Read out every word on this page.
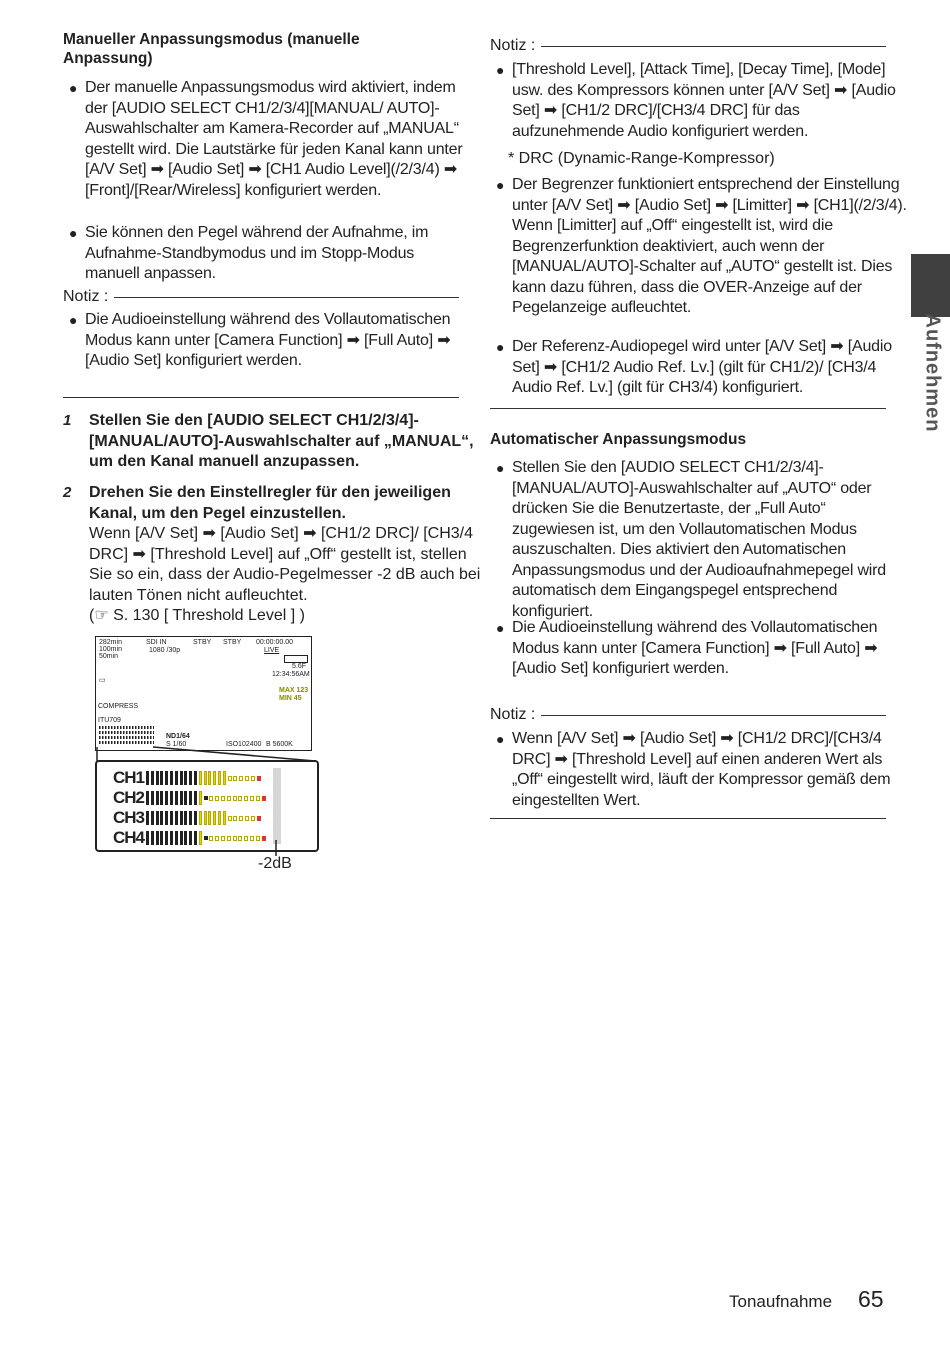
Manueller Anpassungsmodus (manuelle Anpassung)
● Der manuelle Anpassungsmodus wird aktiviert, indem der [AUDIO SELECT CH1/2/3/4][MANUAL/ AUTO]-Auswahlschalter am Kamera-Recorder auf „MANUAL“ gestellt wird. Die Lautstärke für jeden Kanal kann unter [A/V Set] ➡ [Audio Set] ➡ [CH1 Audio Level](/2/3/4) ➡ [Front]/[Rear/Wireless] konfiguriert werden.
● Sie können den Pegel während der Aufnahme, im Aufnahme-Standbymodus und im Stopp-Modus manuell anpassen.
Notiz :
● Die Audioeinstellung während des Vollautomatischen Modus kann unter [Camera Function] ➡ [Full Auto] ➡ [Audio Set] konfiguriert werden.
1 Stellen Sie den [AUDIO SELECT CH1/2/3/4]-[MANUAL/AUTO]-Auswahlschalter auf „MANUAL“, um den Kanal manuell anzupassen.
2 Drehen Sie den Einstellregler für den jeweiligen Kanal, um den Pegel einzustellen.
Wenn [A/V Set] ➡ [Audio Set] ➡ [CH1/2 DRC]/ [CH3/4 DRC] ➡ [Threshold Level] auf „Off“ gestellt ist, stellen Sie so ein, dass der Audio-Pegelmesser -2 dB auch bei lauten Tönen nicht aufleuchtet.
(☞ S. 130 [ Threshold Level ] )
282min
100min
50min
SDI IN
1080 /30p
STBY STBY 00:00:00.00
LIVE
5.6F
12:34:56AM
MAX 123
MIN 45
▭
COMPRESS
ITU709
ND1/64
S 1/60	ISO102400 B 5600K
CH1
CH2
CH3
CH4
-2dB
Notiz :
● [Threshold Level], [Attack Time], [Decay Time], [Mode] usw. des Kompressors können unter [A/V Set] ➡ [Audio Set] ➡ [CH1/2 DRC]/[CH3/4 DRC] für das aufzunehmende Audio konfiguriert werden.
* DRC (Dynamic-Range-Kompressor)
● Der Begrenzer funktioniert entsprechend der Einstellung unter [A/V Set] ➡ [Audio Set] ➡ [Limitter] ➡ [CH1](/2/3/4). Wenn [Limitter] auf „Off“ eingestellt ist, wird die Begrenzerfunktion deaktiviert, auch wenn der [MANUAL/AUTO]-Schalter auf „AUTO“ gestellt ist. Dies kann dazu führen, dass die OVER-Anzeige auf der Pegelanzeige aufleuchtet.
● Der Referenz-Audiopegel wird unter [A/V Set] ➡ [Audio Set] ➡ [CH1/2 Audio Ref. Lv.] (gilt für CH1/2)/ [CH3/4 Audio Ref. Lv.] (gilt für CH3/4) konfiguriert.
Automatischer Anpassungsmodus
● Stellen Sie den [AUDIO SELECT CH1/2/3/4]-[MANUAL/AUTO]-Auswahlschalter auf „AUTO“ oder drücken Sie die Benutzertaste, der „Full Auto“ zugewiesen ist, um den Vollautomatischen Modus auszuschalten. Dies aktiviert den Automatischen Anpassungsmodus und der Audioaufnahmepegel wird automatisch dem Eingangspegel entsprechend konfiguriert.
● Die Audioeinstellung während des Vollautomatischen Modus kann unter [Camera Function] ➡ [Full Auto] ➡ [Audio Set] konfiguriert werden.
Notiz :
● Wenn [A/V Set] ➡ [Audio Set] ➡ [CH1/2 DRC]/[CH3/4 DRC] ➡ [Threshold Level] auf einen anderen Wert als „Off“ eingestellt wird, läuft der Kompressor gemäß dem eingestellten Wert.
Aufnehmen
Tonaufnahme 65
